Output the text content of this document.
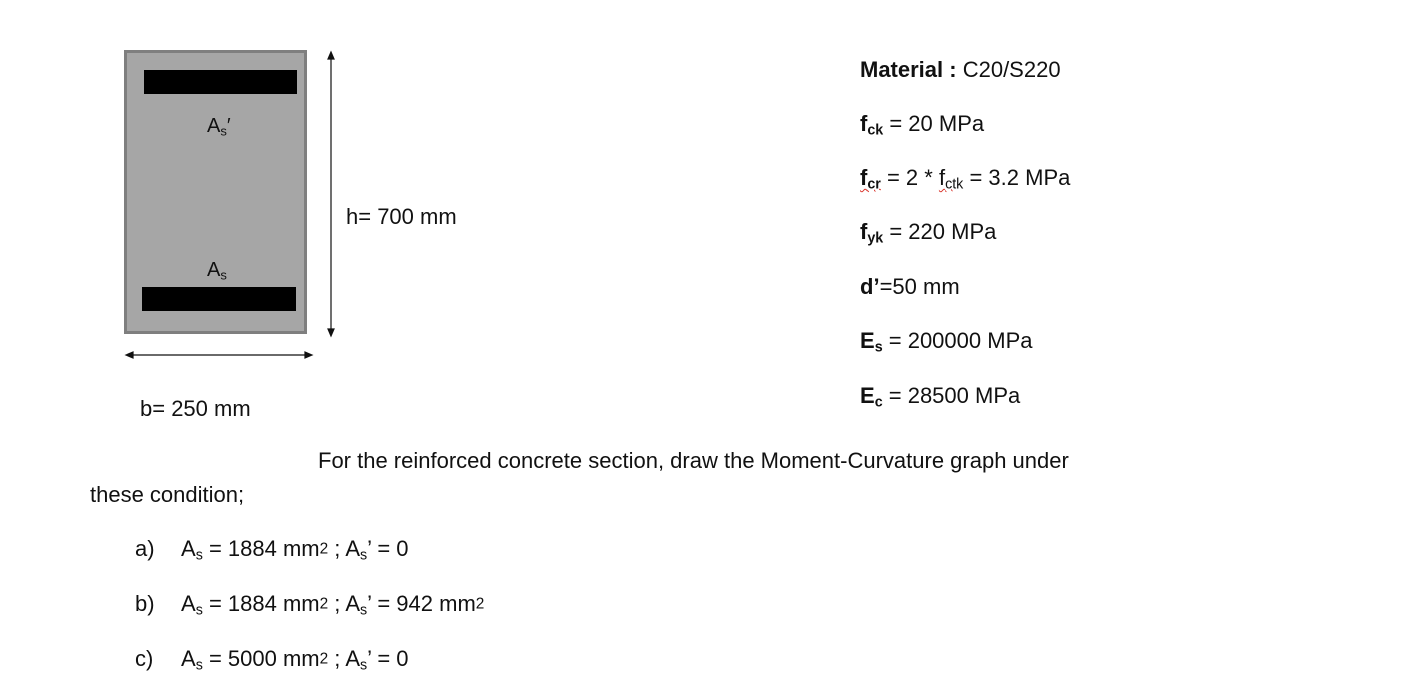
$A_s'$
$A_s$
h= 700 mm
b= 250 mm
Material : C20/S220
$f_{ck} = 20$ MPa
$f_{cr} = 2 * f_{ctk} = 3.2$ MPa
$f_{yk} = 220$ MPa
d’=50 mm
$E_s = 200000$ MPa
$E_c = 28500$ MPa
For the reinforced concrete section, draw the Moment-Curvature graph under
these condition;
a) $A_s = 1884$ $mm^2$ ; $A_s$’ = 0
b) $A_s = 1884$ $mm^2$ ; $A_s$’ = 942 $mm^2$
c) $A_s = 5000$ $mm^2$ ; $A_s$’ = 0
